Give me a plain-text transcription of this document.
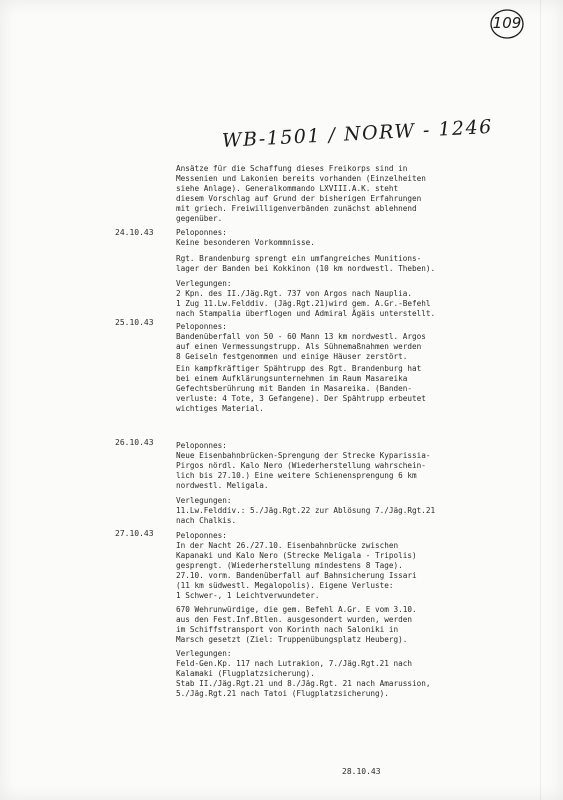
109
WB-1501 / NORW - 1246
Ansätze für die Schaffung dieses Freikorps sind in
Messenien und Lakonien bereits vorhanden (Einzelheiten
siehe Anlage). Generalkommando LXVIII.A.K. steht
diesem Vorschlag auf Grund der bisherigen Erfahrungen
mit griech. Freiwilligenverbänden zunächst ablehnend
gegenüber.
24.10.43	Peloponnes:
Keine besonderen Vorkommnisse.
Rgt. Brandenburg sprengt ein umfangreiches Munitions-
lager der Banden bei Kokkinon (10 km nordwestl. Theben).
Verlegungen:
2 Kpn. des II./Jäg.Rgt. 737 von Argos nach Nauplia.
1 Zug 11.Lw.Felddiv. (Jäg.Rgt.21)wird gem. A.Gr.-Befehl
nach Stampalia überflogen und Admiral Ägäis unterstellt.
25.10.43	Peloponnes:
Bandenüberfall von 50 - 60 Mann 13 km nordwestl. Argos
auf einen Vermessungstrupp. Als Sühnemaßnahmen werden
8 Geiseln festgenommen und einige Häuser zerstört.
Ein kampfkräftiger Spähtrupp des Rgt. Brandenburg hat
bei einem Aufklärungsunternehmen im Raum Masareika
Gefechtsberührung mit Banden in Masareika. (Banden-
verluste: 4 Tote, 3 Gefangene). Der Spähtrupp erbeutet
wichtiges Material.
26.10.43	Peloponnes:
Neue Eisenbahnbrücken-Sprengung der Strecke Kyparissia-
Pirgos nördl. Kalo Nero (Wiederherstellung wahrschein-
lich bis 27.10.) Eine weitere Schienensprengung 6 km
nordwestl. Meligala.
Verlegungen:
11.Lw.Felddiv.: 5./Jäg.Rgt.22 zur Ablösung 7./Jäg.Rgt.21
nach Chalkis.
27.10.43	Peloponnes:
In der Nacht 26./27.10. Eisenbahnbrücke zwischen
Kapanaki und Kalo Nero (Strecke Meligala - Tripolis)
gesprengt. (Wiederherstellung mindestens 8 Tage).
27.10. vorm. Bandenüberfall auf Bahnsicherung Issari
(11 km südwestl. Megalopolis). Eigene Verluste:
1 Schwer-, 1 Leichtverwundeter.
670 Wehrunwürdige, die gem. Befehl A.Gr. E vom 3.10.
aus den Fest.Inf.Btlen. ausgesondert wurden, werden
im Schiffstransport von Korinth nach Saloniki in
Marsch gesetzt (Ziel: Truppenübungsplatz Heuberg).
Verlegungen:
Feld-Gen.Kp. 117 nach Lutrakion, 7./Jäg.Rgt.21 nach
Kalamaki (Flugplatzsicherung).
Stab II./Jäg.Rgt.21 und 8./Jäg.Rgt. 21 nach Amarussion,
5./Jäg.Rgt.21 nach Tatoi (Flugplatzsicherung).
28.10.43
